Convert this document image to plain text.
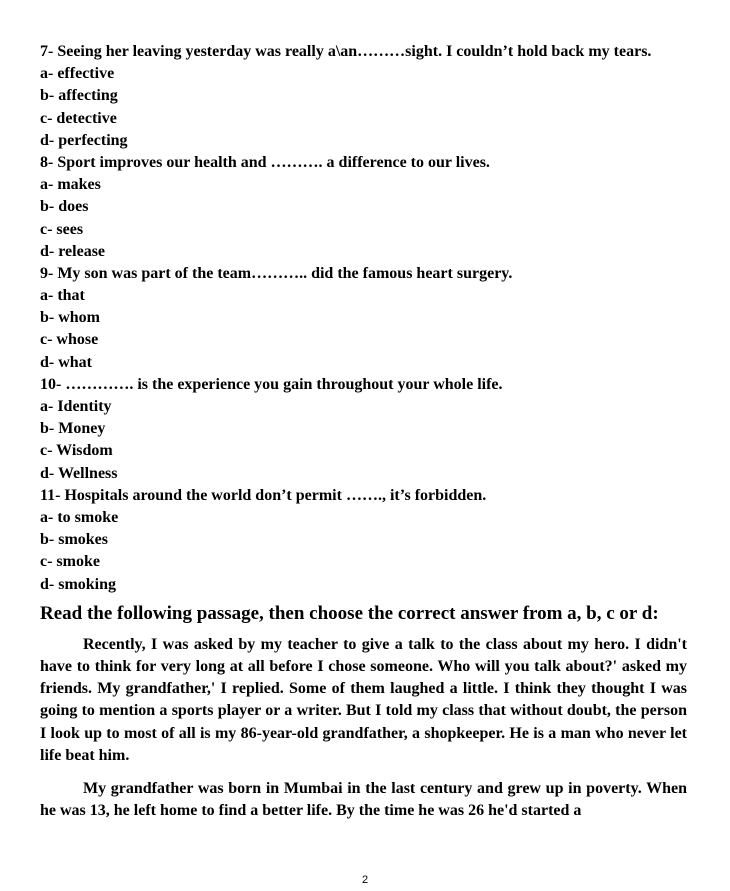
7- Seeing her leaving yesterday was really a\an………sight. I couldn’t hold back my tears.
a- effective
b- affecting
c- detective
d- perfecting
8- Sport improves our health and ………. a difference to our lives.
a- makes
b- does
c- sees
d- release
9- My son was part of the team……….. did the famous heart surgery.
a- that
b- whom
c- whose
d- what
10- …………. is the experience you gain throughout your whole life.
a- Identity
b- Money
c- Wisdom
d- Wellness
11- Hospitals around the world don’t permit ……., it’s forbidden.
a- to smoke
b- smokes
c- smoke
d- smoking
Read the following passage, then choose the correct answer from a, b, c or d:

Recently, I was asked by my teacher to give a talk to the class about my hero. I didn't have to think for very long at all before I chose someone. Who will you talk about?' asked my friends. My grandfather,' I replied. Some of them laughed a little. I think they thought I was going to mention a sports player or a writer. But I told my class that without doubt, the person I look up to most of all is my 86-year-old grandfather, a shopkeeper. He is a man who never let life beat him.

My grandfather was born in Mumbai in the last century and grew up in poverty. When he was 13, he left home to find a better life. By the time he was 26 he'd started a

2
